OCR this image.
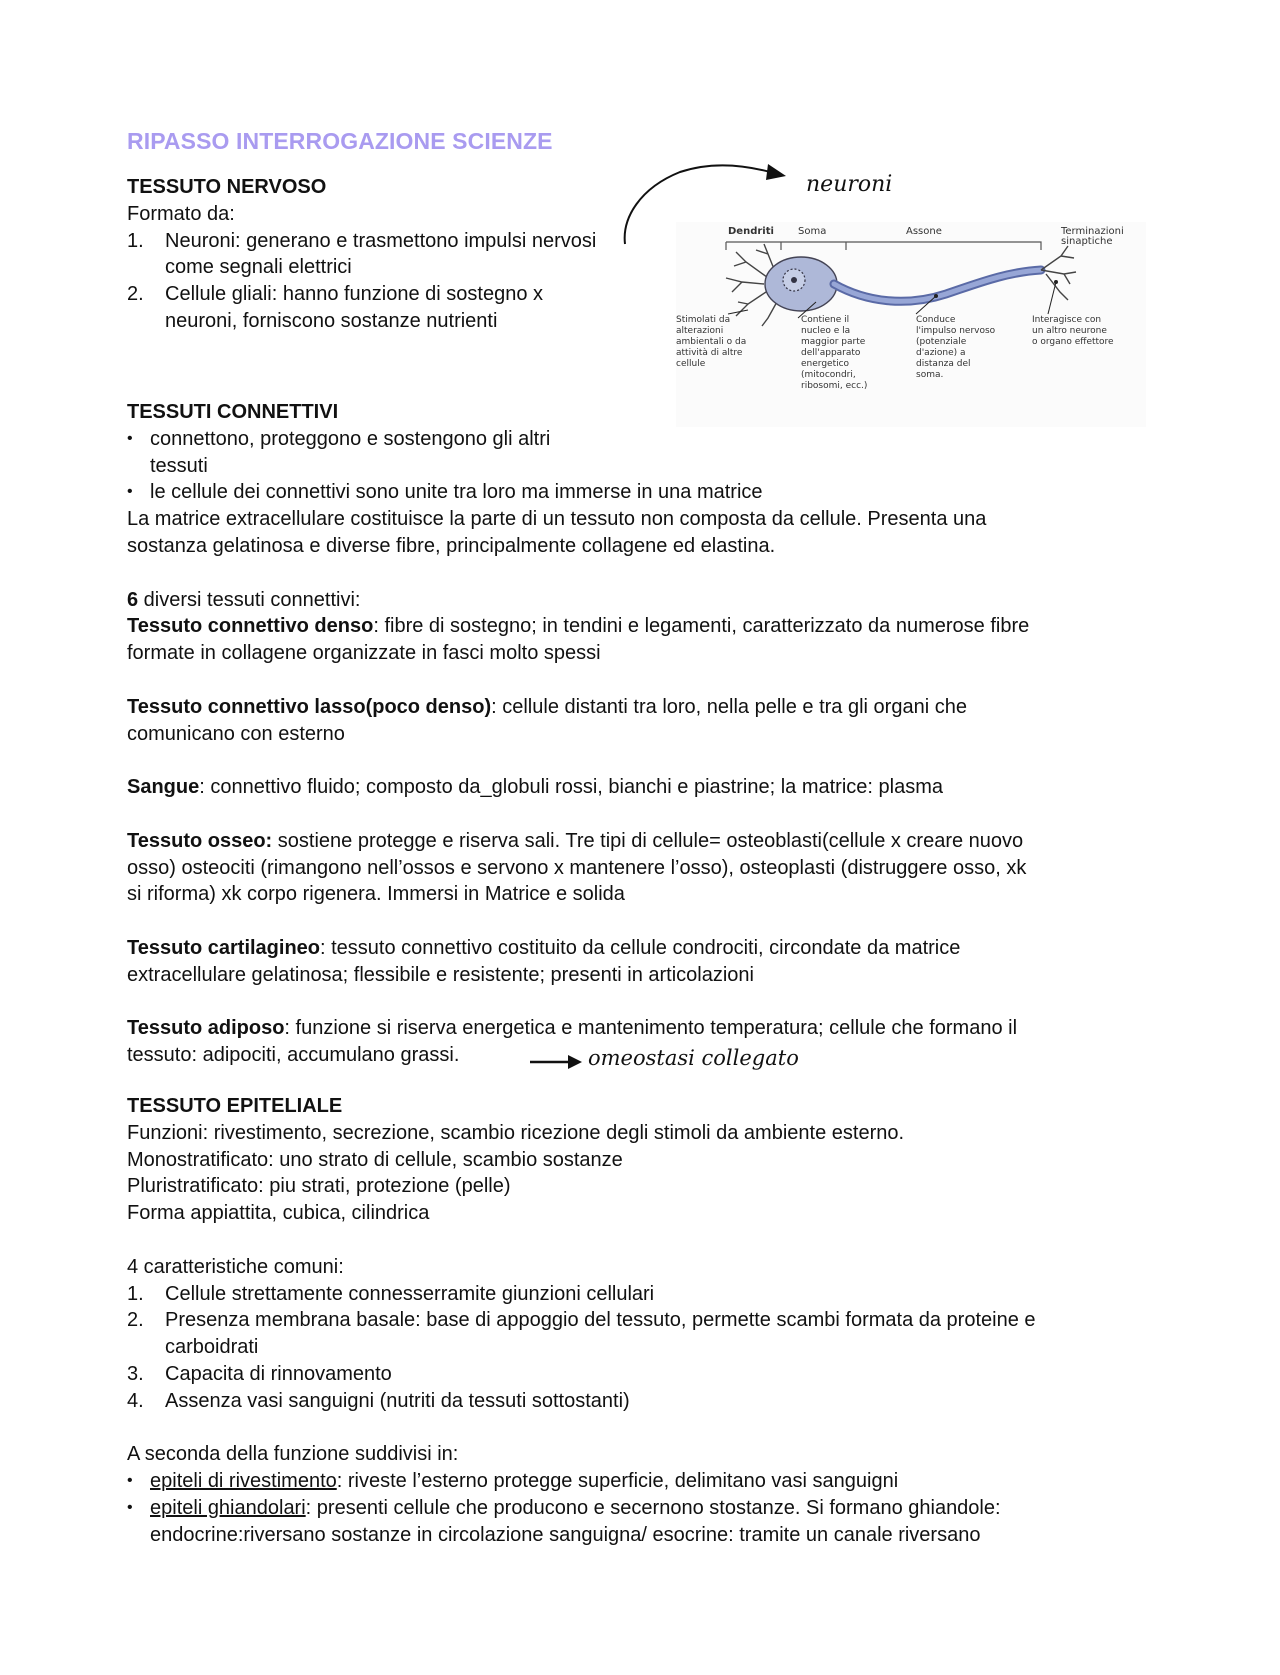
RIPASSO INTERROGAZIONE SCIENZE
TESSUTO NERVOSO
Formato da:
1. Neuroni: generano e trasmettono impulsi nervosi
come segnali elettrici
2. Cellule gliali: hanno funzione di sostegno x
neuroni, forniscono sostanze nutrienti
neuroni
Dendriti Soma	Assone	Terminazioni
sinaptiche
Stimolati da
alterazioni
ambientali o da
attività di altre
cellule
Contiene il
nucleo e la
maggior parte
dell'apparato
energetico
(mitocondri,
ribosomi, ecc.)
Conduce
l'impulso nervoso
(potenziale
d'azione) a
distanza del
soma.
Interagisce con
un altro neurone
o organo effettore
TESSUTI CONNETTIVI
• connettono, proteggono e sostengono gli altri
tessuti
• le cellule dei connettivi sono unite tra loro ma immerse in una matrice
La matrice extracellulare costituisce la parte di un tessuto non composta da cellule. Presenta una
sostanza gelatinosa e diverse fibre, principalmente collagene ed elastina.
6 diversi tessuti connettivi:
Tessuto connettivo denso: fibre di sostegno; in tendini e legamenti, caratterizzato da numerose fibre
formate in collagene organizzate in fasci molto spessi
Tessuto connettivo lasso(poco denso): cellule distanti tra loro, nella pelle e tra gli organi che
comunicano con esterno
Sangue: connettivo fluido; composto da_globuli rossi, bianchi e piastrine; la matrice: plasma
Tessuto osseo: sostiene protegge e riserva sali. Tre tipi di cellule= osteoblasti(cellule x creare nuovo
osso) osteociti (rimangono nell’ossos e servono x mantenere l’osso), osteoplasti (distruggere osso, xk
si riforma) xk corpo rigenera. Immersi in Matrice e solida
Tessuto cartilagineo: tessuto connettivo costituito da cellule condrociti, circondate da matrice
extracellulare gelatinosa; flessibile e resistente; presenti in articolazioni
Tessuto adiposo: funzione si riserva energetica e mantenimento temperatura; cellule che formano il
tessuto: adipociti, accumulano grassi.	omeostasi collegato
TESSUTO EPITELIALE
Funzioni: rivestimento, secrezione, scambio ricezione degli stimoli da ambiente esterno.
Monostratificato: uno strato di cellule, scambio sostanze
Pluristratificato: piu strati, protezione (pelle)
Forma appiattita, cubica, cilindrica
4 caratteristiche comuni:
1. Cellule strettamente connesserramite giunzioni cellulari
2. Presenza membrana basale: base di appoggio del tessuto, permette scambi formata da proteine e
carboidrati
3. Capacita di rinnovamento
4. Assenza vasi sanguigni (nutriti da tessuti sottostanti)
A seconda della funzione suddivisi in:
• epiteli di rivestimento: riveste l’esterno protegge superficie, delimitano vasi sanguigni
• epiteli ghiandolari: presenti cellule che producono e secernono stostanze. Si formano ghiandole:
endocrine:riversano sostanze in circolazione sanguigna/ esocrine: tramite un canale riversano
